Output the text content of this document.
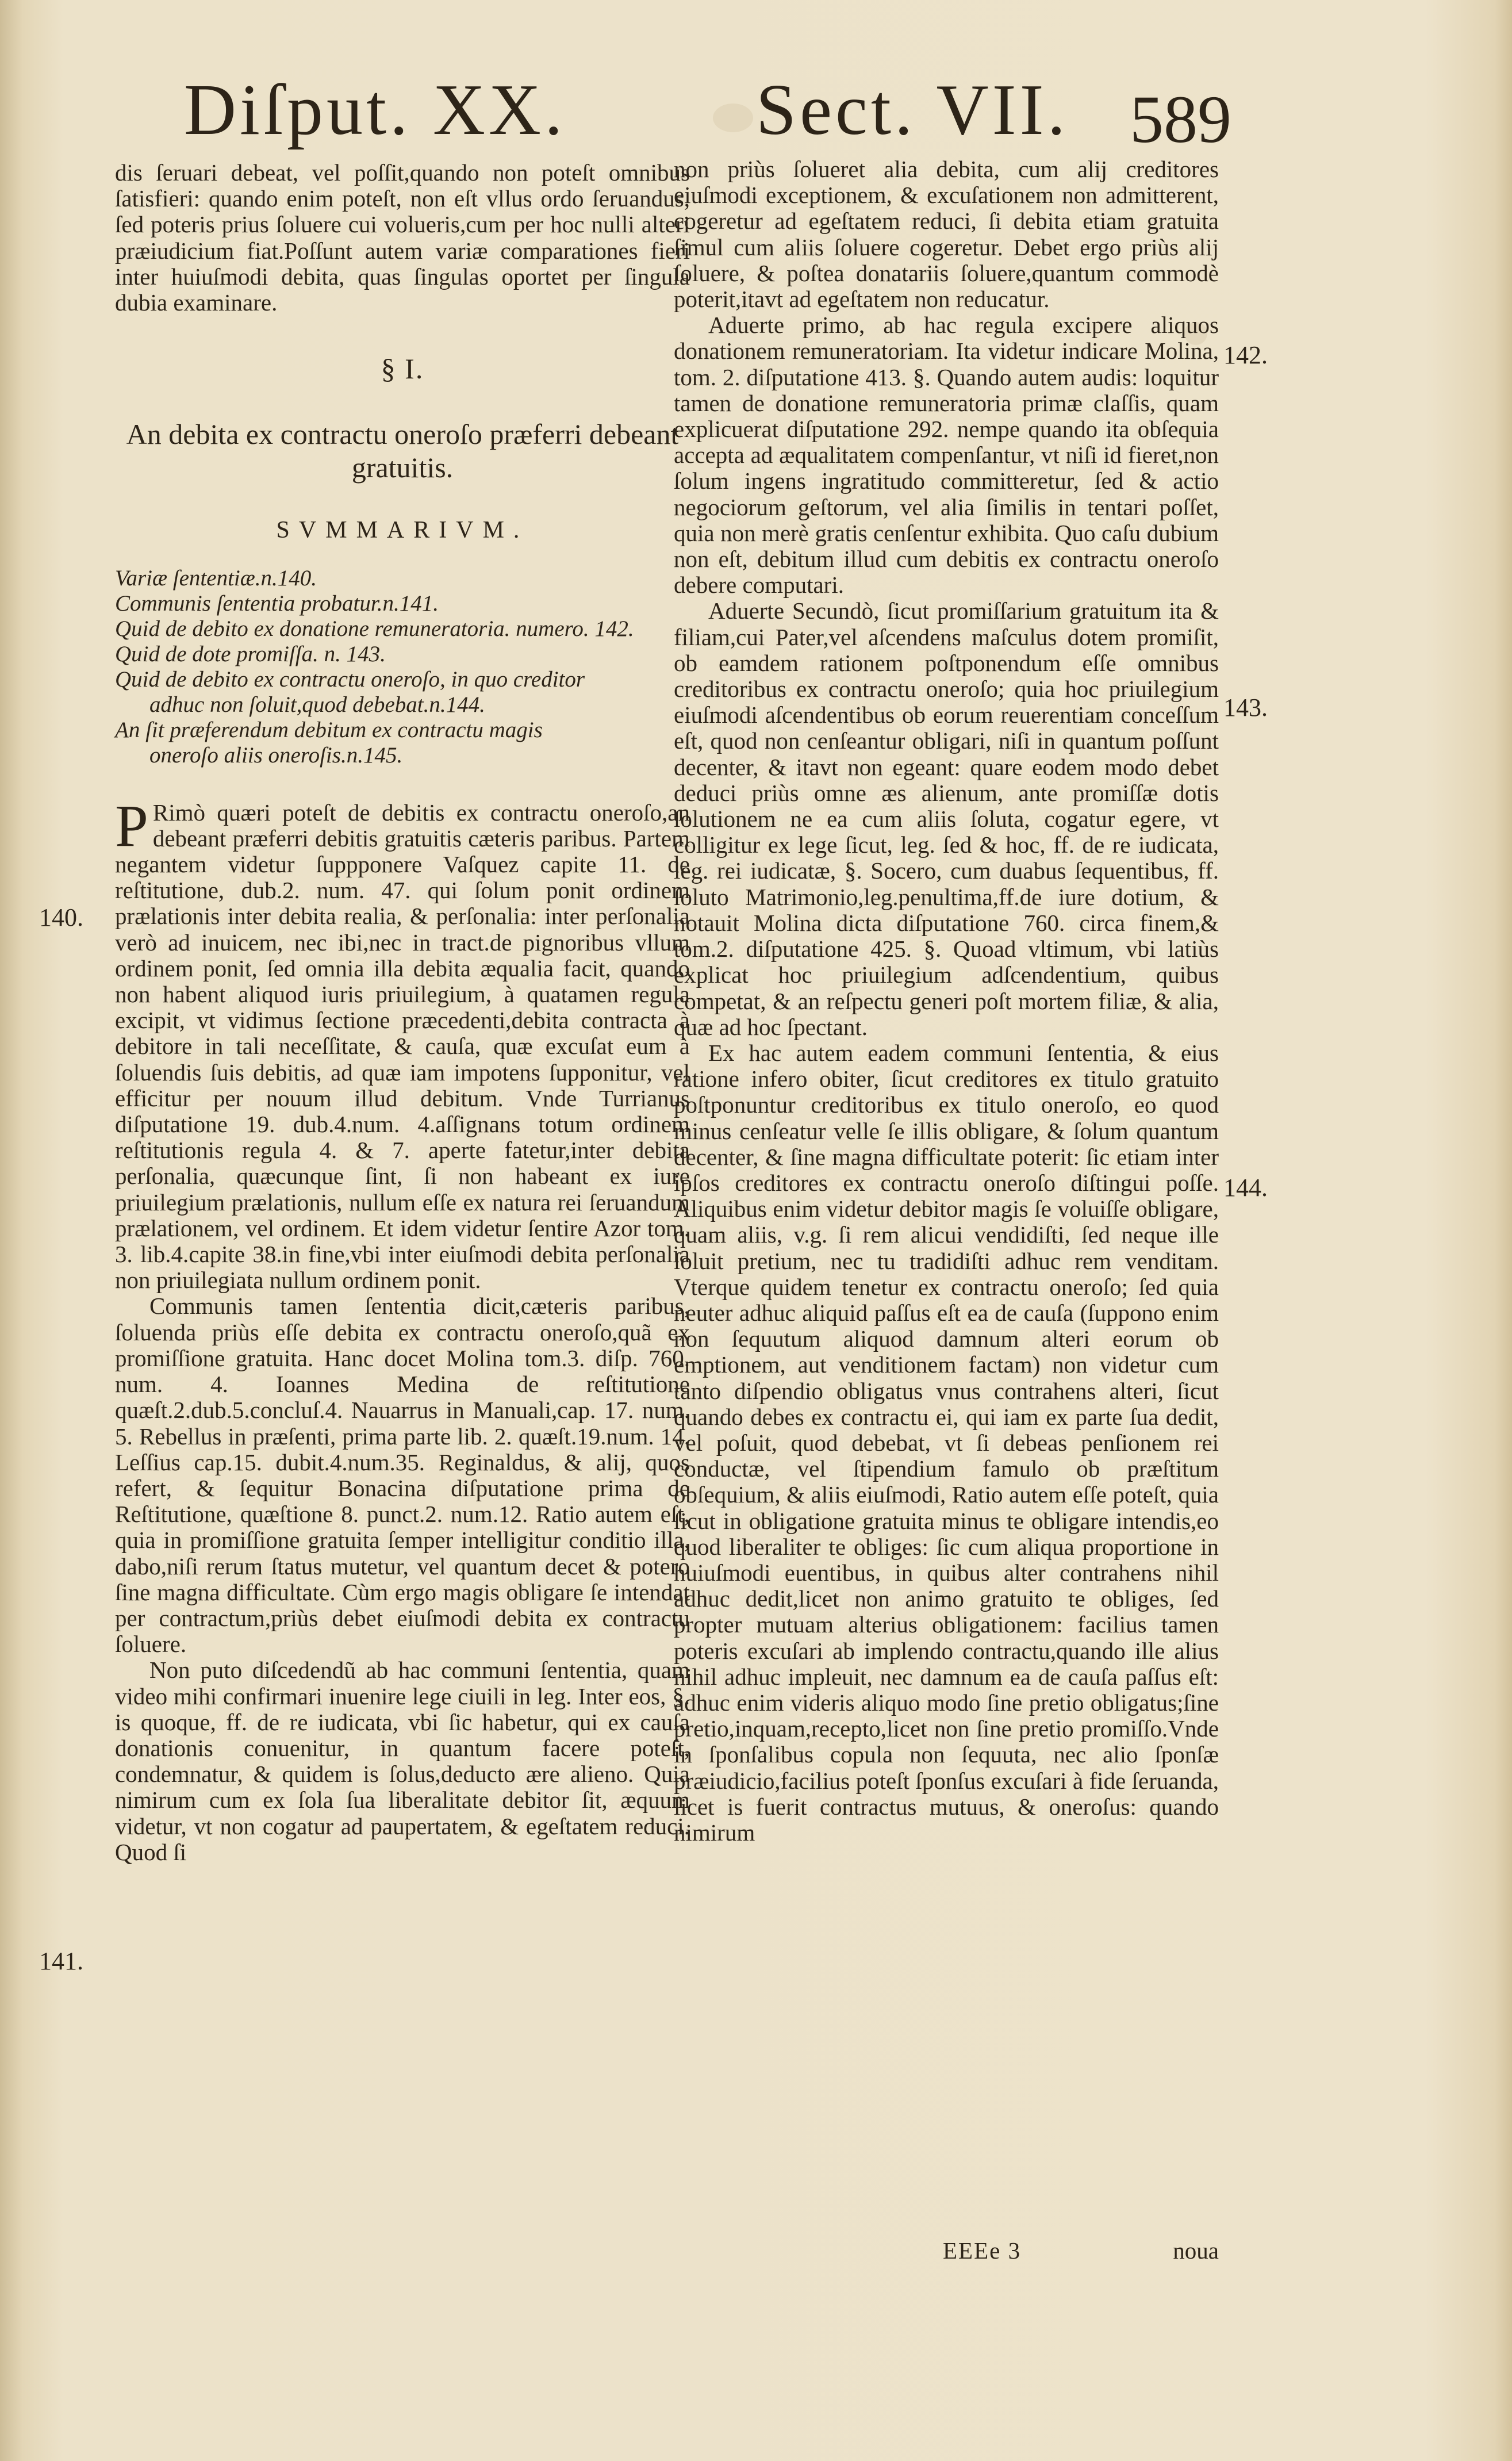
Diſput. XX.	Sect. VII. 589

dis ſeruari debeat, vel poſſit,quando non poteſt omnibus ſatisfieri: quando enim poteſt, non eſt vllus ordo ſeruandus, ſed poteris prius ſoluere cui volueris,cum per hoc nulli alteri præiudicium fiat.Poſſunt autem variæ comparationes fieri inter huiuſmodi debita, quas ſingulas oportet per ſingula dubia examinare.

§ I.
An debita ex contractu oneroſo præferri debeant gratuitis.
SVMMARIVM.
Variæ ſententiæ.n.140.
Communis ſententia probatur.n.141.
Quid de debito ex donatione remuneratoria. numero. 142.
Quid de dote promiſſa. n. 143.
Quid de debito ex contractu oneroſo, in quo creditor
adhuc non ſoluit,quod debebat.n.144.
An ſit præferendum debitum ex contractu magis
oneroſo aliis oneroſis.n.145.

P Rimò quæri poteſt de debitis ex contractu oneroſo,an debeant præferri debitis gratuitis cæteris paribus. Partem negantem videtur ſuppponere Vaſquez capite 11. de reſtitutione, dub.2. num. 47. qui ſolum ponit ordinem prælationis inter debita realia, & perſonalia: inter perſonalia verò ad inuicem, nec ibi,nec in tract.de pignoribus vllum ordinem ponit, ſed omnia illa debita æqualia facit, quando non habent aliquod iuris priuilegium, à quatamen regula excipit, vt vidimus ſectione præcedenti,debita contracta à debitore in tali neceſſitate, & cauſa, quæ excuſat eum à ſoluendis ſuis debitis, ad quæ iam impotens ſupponitur, vel efficitur per nouum illud debitum. Vnde Turrianus diſputatione 19. dub.4.num. 4.aſſignans totum ordinem reſtitutionis regula 4. & 7. aperte fatetur,inter debita perſonalia, quæcunque ſint, ſi non habeant ex iure priuilegium prælationis, nullum eſſe ex natura rei ſeruandum prælationem, vel ordinem. Et idem videtur ſentire Azor tom. 3. lib.4.capite 38.in fine,vbi inter eiuſmodi debita perſonalia non priuilegiata nullum ordinem ponit.

Communis tamen ſententia dicit,cæteris paribus, ſoluenda priùs eſſe debita ex contractu oneroſo,quã ex promiſſione gratuita. Hanc docet Molina tom.3. diſp. 760. num. 4. Ioannes Medina de reſtitutione quæſt.2.dub.5.concluſ.4. Nauarrus in Manuali,cap. 17. num. 5. Rebellus in præſenti, prima parte lib. 2. quæſt.19.num. 14. Leſſius cap.15. dubit.4.num.35. Reginaldus, & alij, quos refert, & ſequitur Bonacina diſputatione prima de Reſtitutione, quæſtione 8. punct.2. num.12. Ratio autem eſt, quia in promiſſione gratuita ſemper intelligitur conditio illa, dabo,niſi rerum ſtatus mutetur, vel quantum decet & potero ſine magna difficultate. Cùm ergo magis obligare ſe intendat per contractum,priùs debet eiuſmodi debita ex contractu ſoluere.

Non puto diſcedendũ ab hac communi ſententia, quam video mihi confirmari inuenire lege ciuili in leg. Inter eos, §. is quoque, ff. de re iudicata, vbi ſic habetur, qui ex cauſa donationis conuenitur, in quantum facere poteſt, condemnatur, & quidem is ſolus,deducto ære alieno. Quia nimirum cum ex ſola ſua liberalitate debitor ſit, æquum videtur, vt non cogatur ad paupertatem, & egeſtatem reduci. Quod ſi

non priùs ſolueret alia debita, cum alij creditores eiuſmodi exceptionem, & excuſationem non admitterent, cogeretur ad egeſtatem reduci, ſi debita etiam gratuita ſimul cum aliis ſoluere cogeretur. Debet ergo priùs alij ſoluere, & poſtea donatariis ſoluere,quantum commodè poterit,itavt ad egeſtatem non reducatur.

Aduerte primo, ab hac regula excipere aliquos donationem remuneratoriam. Ita videtur indicare Molina, tom. 2. diſputatione 413. §. Quando autem audis: loquitur tamen de donatione remuneratoria primæ claſſis, quam explicuerat diſputatione 292. nempe quando ita obſequia accepta ad æqualitatem compenſantur, vt niſi id fieret,non ſolum ingens ingratitudo committeretur, ſed & actio negociorum geſtorum, vel alia ſimilis in tentari poſſet, quia non merè gratis cenſentur exhibita. Quo caſu dubium non eſt, debitum illud cum debitis ex contractu oneroſo debere computari.

Aduerte Secundò, ſicut promiſſarium gratuitum ita & filiam,cui Pater,vel aſcendens maſculus dotem promiſit, ob eamdem rationem poſtponendum eſſe omnibus creditoribus ex contractu oneroſo; quia hoc priuilegium eiuſmodi aſcendentibus ob eorum reuerentiam conceſſum eſt, quod non cenſeantur obligari, niſi in quantum poſſunt decenter, & itavt non egeant: quare eodem modo debet deduci priùs omne æs alienum, ante promiſſæ dotis ſolutionem ne ea cum aliis ſoluta, cogatur egere, vt colligitur ex lege ſicut, leg. ſed & hoc, ff. de re iudicata, leg. rei iudicatæ, §. Socero, cum duabus ſequentibus, ff. ſoluto Matrimonio,leg.penultima,ff.de iure dotium, & notauit Molina dicta diſputatione 760. circa finem,& tom.2. diſputatione 425. §. Quoad vltimum, vbi latiùs explicat hoc priuilegium adſcendentium, quibus competat, & an reſpectu generi poſt mortem filiæ, & alia, quæ ad hoc ſpectant.

Ex hac autem eadem communi ſententia, & eius ratione infero obiter, ſicut creditores ex titulo gratuito poſtponuntur creditoribus ex titulo oneroſo, eo quod minus cenſeatur velle ſe illis obligare, & ſolum quantum decenter, & ſine magna difficultate poterit: ſic etiam inter ipſos creditores ex contractu oneroſo diſtingui poſſe. Aliquibus enim videtur debitor magis ſe voluiſſe obligare, quam aliis, v.g. ſi rem alicui vendidiſti, ſed neque ille ſoluit pretium, nec tu tradidiſti adhuc rem venditam. Vterque quidem tenetur ex contractu oneroſo; ſed quia neuter adhuc aliquid paſſus eſt ea de cauſa (ſuppono enim non ſequutum aliquod damnum alteri eorum ob emptionem, aut venditionem factam) non videtur cum tanto diſpendio obligatus vnus contrahens alteri, ſicut quando debes ex contractu ei, qui iam ex parte ſua dedit, vel poſuit, quod debebat, vt ſi debeas penſionem rei conductæ, vel ſtipendium famulo ob præſtitum obſequium, & aliis eiuſmodi, Ratio autem eſſe poteſt, quia ſicut in obligatione gratuita minus te obligare intendis,eo quod liberaliter te obliges: ſic cum aliqua proportione in huiuſmodi euentibus, in quibus alter contrahens nihil adhuc dedit,licet non animo gratuito te obliges, ſed propter mutuam alterius obligationem: facilius tamen poteris excuſari ab implendo contractu,quando ille alius nihil adhuc impleuit, nec damnum ea de cauſa paſſus eſt: adhuc enim videris aliquo modo ſine pretio obligatus;ſine pretio,inquam,recepto,licet non ſine pretio promiſſo.Vnde in ſponſalibus copula non ſequuta, nec alio ſponſæ præiudicio,facilius poteſt ſponſus excuſari à fide ſeruanda, licet is fuerit contractus mutuus, & oneroſus: quando nimirum

140.
141.
142.
143.
144.
EEEe 3	noua
